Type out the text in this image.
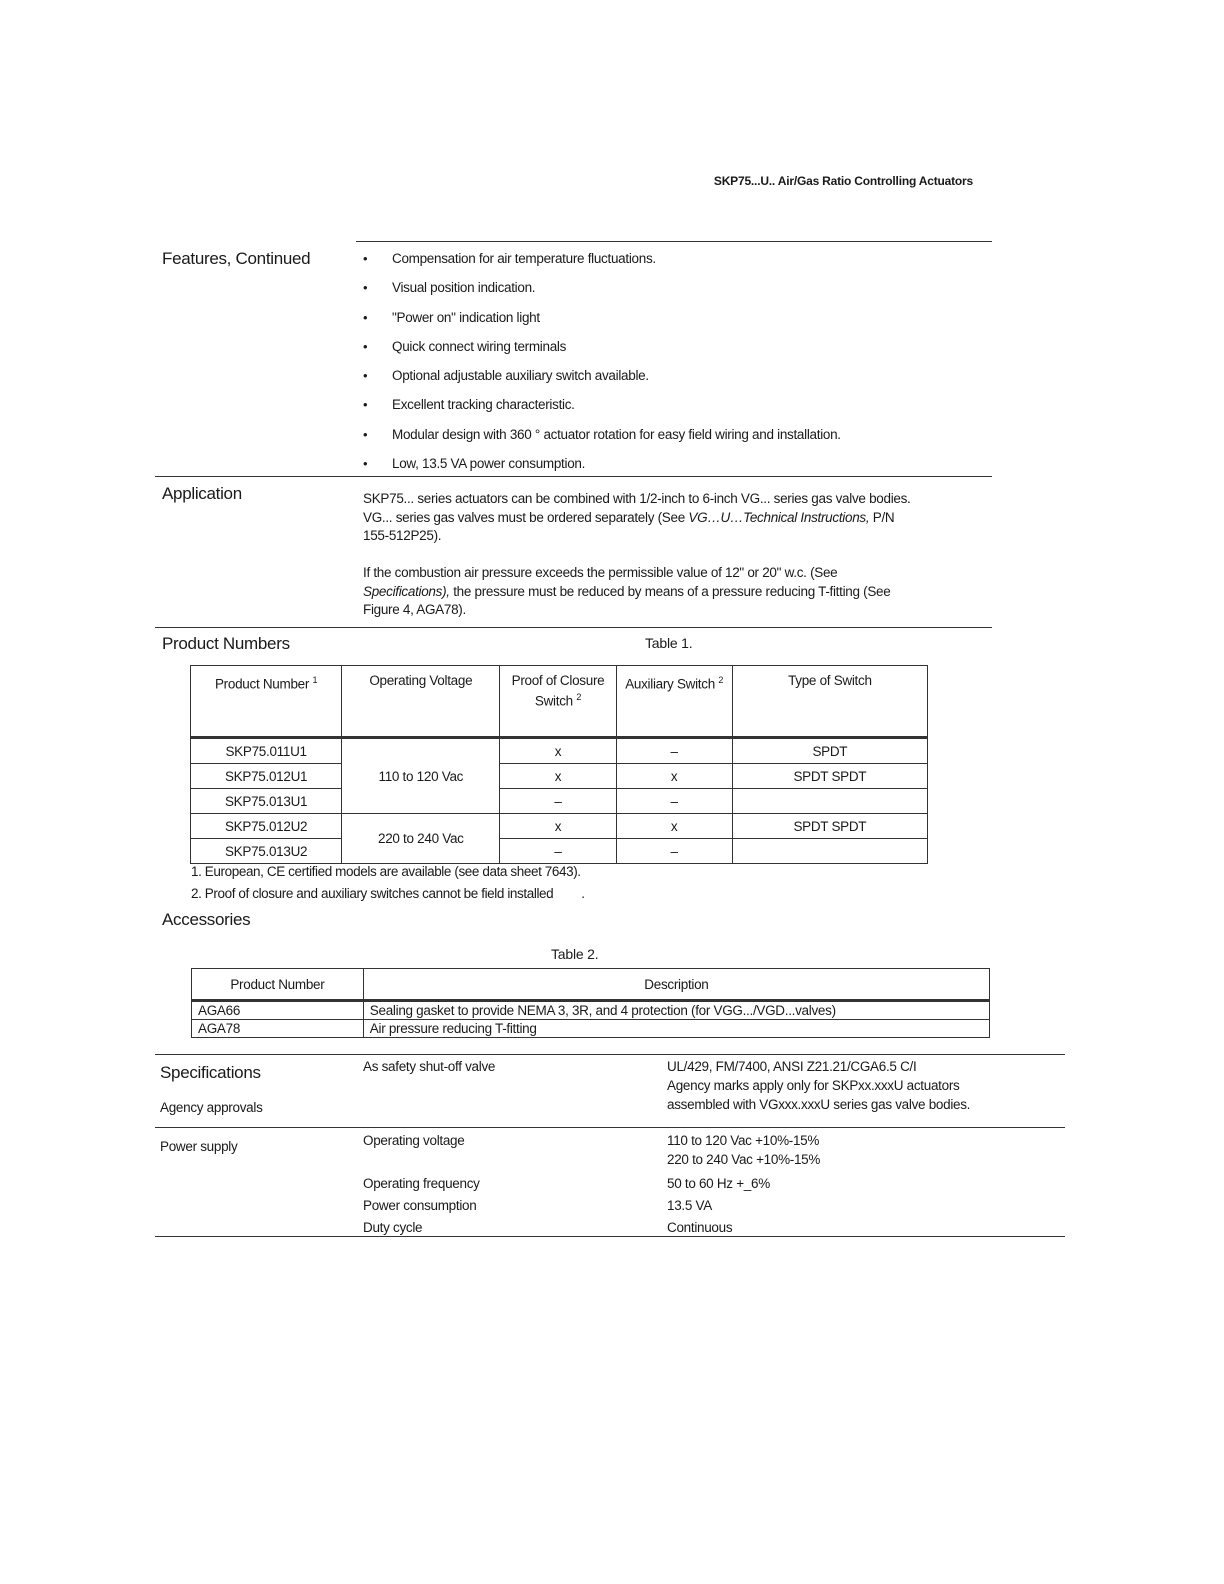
SKP75...U.. Air/Gas Ratio Controlling Actuators
Features, Continued	• Compensation for air temperature fluctuations.
• Visual position indication.
• "Power on" indication light
• Quick connect wiring terminals
• Optional adjustable auxiliary switch available.
• Excellent tracking characteristic.
• Modular design with 360 ° actuator rotation for easy field wiring and installation.
• Low, 13.5 VA power consumption.
Application	SKP75... series actuators can be combined with 1/2-inch to 6-inch VG... series gas valve bodies. VG... series gas valves must be ordered separately (See VG…U…Technical Instructions, P/N 155-512P25).
If the combustion air pressure exceeds the permissible value of 12" or 20" w.c. (See Specifications), the pressure must be reduced by means of a pressure reducing T-fitting (See Figure 4, AGA78).
Product Numbers	Table 1.
Product Number $^1$	Operating Voltage	Proof of Closure Switch $^2$	Auxiliary Switch $^2$	Type of Switch
SKP75.011U1	110 to 120 Vac	x	–	SPDT
SKP75.012U1		x	x	SPDT SPDT
SKP75.013U1		–	–	
SKP75.012U2	220 to 240 Vac	x	x	SPDT SPDT
SKP75.013U2		–	–	
1. European, CE certified models are available (see data sheet 7643).
2. Proof of closure and auxiliary switches cannot be field installed .
Accessories
Table 2.
Product Number	Description
AGA66	Sealing gasket to provide NEMA 3, 3R, and 4 protection (for VGG.../VGD...valves)
AGA78	Air pressure reducing T-fitting
Specifications
Agency approvals
As safety shut-off valve	UL/429, FM/7400, ANSI Z21.21/CGA6.5 C/I
Agency marks apply only for SKPxx.xxxU actuators
assembled with VGxxx.xxxU series gas valve bodies.
Power supply	Operating voltage	110 to 120 Vac +10%-15%
220 to 240 Vac +10%-15%
Operating frequency	50 to 60 Hz +_6%
Power consumption	13.5 VA
Duty cycle	Continuous
